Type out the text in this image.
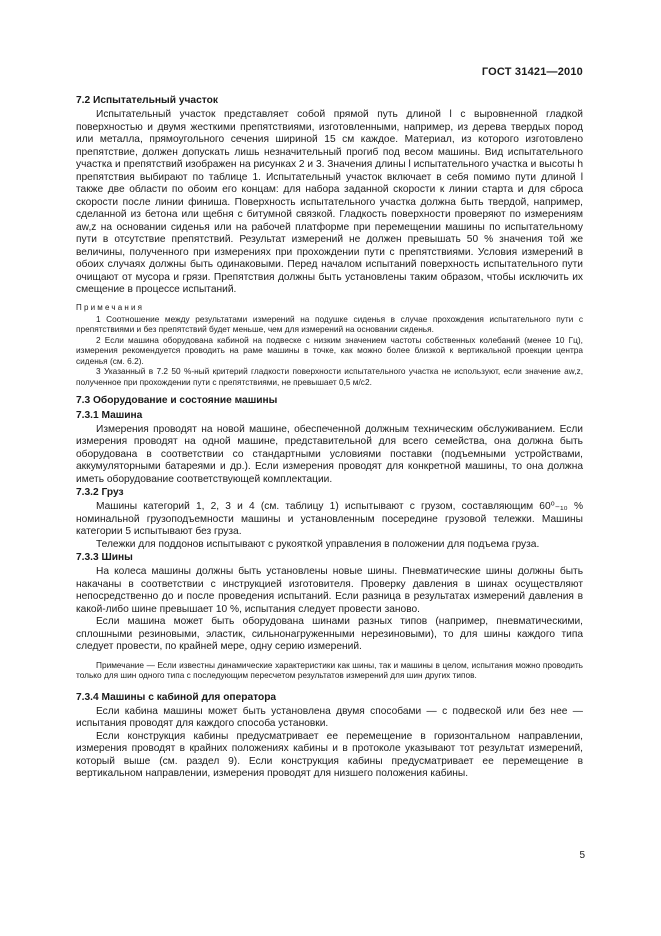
ГОСТ 31421—2010
7.2 Испытательный участок

Испытательный участок представляет собой прямой путь длиной l с выровненной гладкой поверхностью и двумя жесткими препятствиями, изготовленными, например, из дерева твердых пород или металла, прямоугольного сечения шириной 15 см каждое. Материал, из которого изготовлено препятствие, должен допускать лишь незначительный прогиб под весом машины. Вид испытательного участка и препятствий изображен на рисунках 2 и 3. Значения длины l испытательного участка и высоты h препятствия выбирают по таблице 1. Испытательный участок включает в себя помимо пути длиной l также две области по обоим его концам: для набора заданной скорости к линии старта и для сброса скорости после линии финиша. Поверхность испытательного участка должна быть твердой, например, сделанной из бетона или щебня с битумной связкой. Гладкость поверхности проверяют по измерениям aw,z на основании сиденья или на рабочей платформе при перемещении машины по испытательному пути в отсутствие препятствий. Результат измерений не должен превышать 50 % значения той же величины, полученного при измерениях при прохождении пути с препятствиями. Условия измерений в обоих случаях должны быть одинаковыми. Перед началом испытаний поверхность испытательного пути очищают от мусора и грязи. Препятствия должны быть установлены таким образом, чтобы исключить их смещение в процессе испытаний.

Примечания

1 Соотношение между результатами измерений на подушке сиденья в случае прохождения испытательного пути с препятствиями и без препятствий будет меньше, чем для измерений на основании сиденья.

2 Если машина оборудована кабиной на подвеске с низким значением частоты собственных колебаний (менее 10 Гц), измерения рекомендуется проводить на раме машины в точке, как можно более близкой к вертикальной проекции центра сиденья (см. 6.2).

3 Указанный в 7.2 50 %-ный критерий гладкости поверхности испытательного участка не используют, если значение aw,z, полученное при прохождении пути с препятствиями, не превышает 0,5 м/с2.

7.3 Оборудование и состояние машины
7.3.1 Машина

Измерения проводят на новой машине, обеспеченной должным техническим обслуживанием. Если измерения проводят на одной машине, представительной для всего семейства, она должна быть оборудована в соответствии со стандартными условиями поставки (подъемными устройствами, аккумуляторными батареями и др.). Если измерения проводят для конкретной машины, то она должна иметь оборудование соответствующей комплектации.

7.3.2 Груз

Машины категорий 1, 2, 3 и 4 (см. таблицу 1) испытывают с грузом, составляющим 60⁰₋₁₀ % номинальной грузоподъемности машины и установленным посередине грузовой тележки. Машины категории 5 испытывают без груза.

Тележки для поддонов испытывают с рукояткой управления в положении для подъема груза.

7.3.3 Шины

На колеса машины должны быть установлены новые шины. Пневматические шины должны быть накачаны в соответствии с инструкцией изготовителя. Проверку давления в шинах осуществляют непосредственно до и после проведения испытаний. Если разница в результатах измерений давления в какой-либо шине превышает 10 %, испытания следует провести заново.

Если машина может быть оборудована шинами разных типов (например, пневматическими, сплошными резиновыми, эластик, сильнонагруженными нерезиновыми), то для шины каждого типа следует провести, по крайней мере, одну серию измерений.

Примечание — Если известны динамические характеристики как шины, так и машины в целом, испытания можно проводить только для шин одного типа с последующим пересчетом результатов измерений для шин других типов.

7.3.4 Машины с кабиной для оператора

Если кабина машины может быть установлена двумя способами — с подвеской или без нее — испытания проводят для каждого способа установки.

Если конструкция кабины предусматривает ее перемещение в горизонтальном направлении, измерения проводят в крайних положениях кабины и в протоколе указывают тот результат измерений, который выше (см. раздел 9). Если конструкция кабины предусматривает ее перемещение в вертикальном направлении, измерения проводят для низшего положения кабины.

5
